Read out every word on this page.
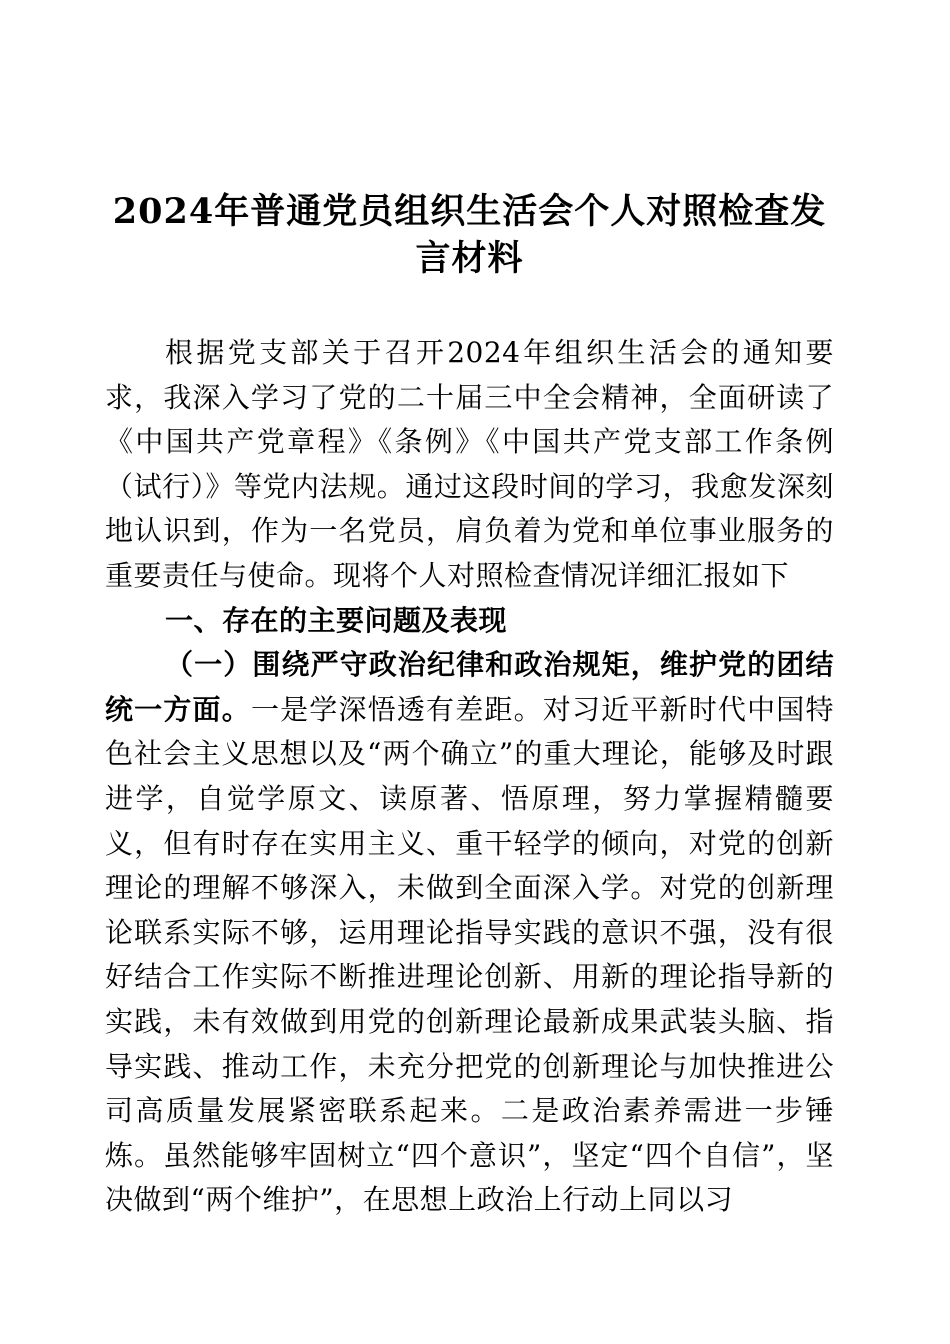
2024年普通党员组织生活会个人对照检查发言材料

根据党支部关于召开2024年组织生活会的通知要求，我深入学习了党的二十届三中全会精神，全面研读了《中国共产党章程》《条例》《中国共产党支部工作条例（试行）》等党内法规。通过这段时间的学习，我愈发深刻地认识到，作为一名党员，肩负着为党和单位事业服务的重要责任与使命。现将个人对照检查情况详细汇报如下

一、存在的主要问题及表现

（一）围绕严守政治纪律和政治规矩，维护党的团结统一方面。一是学深悟透有差距。对习近平新时代中国特色社会主义思想以及“两个确立”的重大理论，能够及时跟进学，自觉学原文、读原著、悟原理，努力掌握精髓要义，但有时存在实用主义、重干轻学的倾向，对党的创新理论的理解不够深入，未做到全面深入学。对党的创新理论联系实际不够，运用理论指导实践的意识不强，没有很好结合工作实际不断推进理论创新、用新的理论指导新的实践，未有效做到用党的创新理论最新成果武装头脑、指导实践、推动工作，未充分把党的创新理论与加快推进公司高质量发展紧密联系起来。二是政治素养需进一步锤炼。虽然能够牢固树立“四个意识”，坚定“四个自信”，坚决做到“两个维护”，在思想上政治上行动上同以习
